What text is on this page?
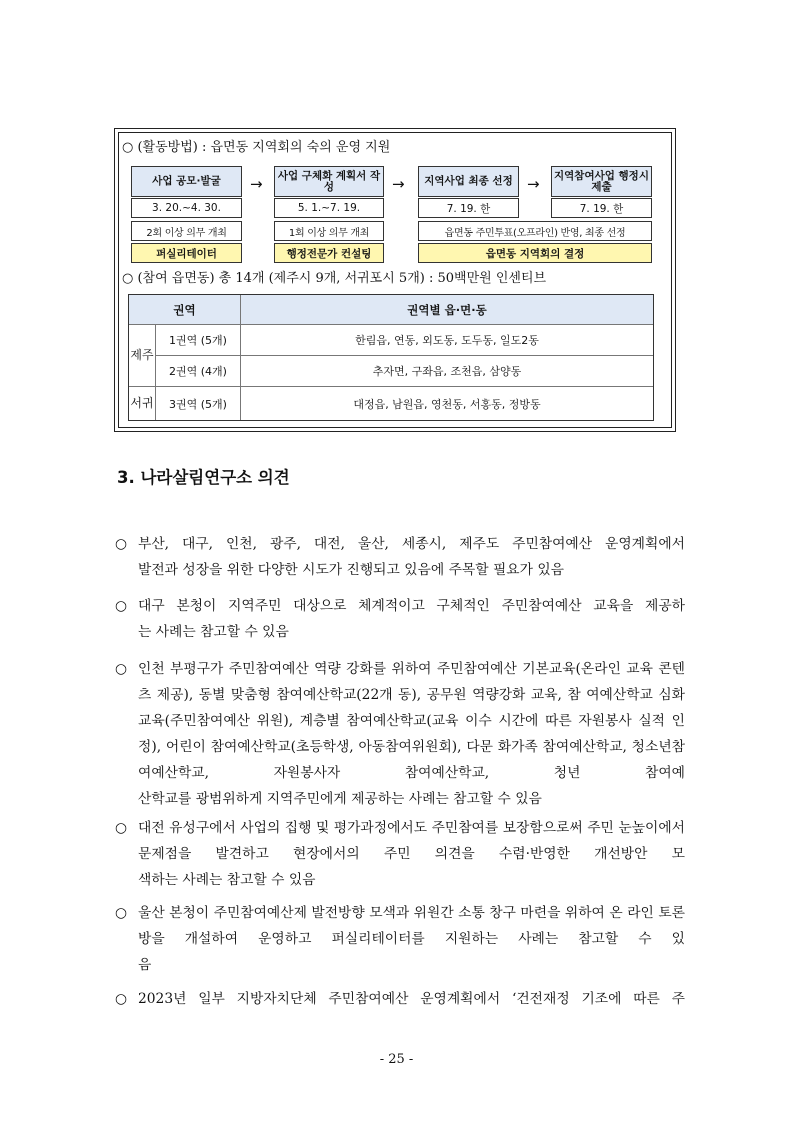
○ (활동방법) : 읍면동 지역회의 숙의 운영 지원
사업 공모·발굴	→	사업 구체화 계획서 작성	→	지역사업 최종 선정 → 지역참여사업 행정시 제출
3. 20.~4. 30.	5. 1.~7. 19.	7. 19. 한	7. 19. 한
2회 이상 의무 개최	1회 이상 의무 개최	읍면동 주민투표(오프라인) 반영, 최종 선정
퍼실리테이터	행정전문가 컨설팅	읍면동 지역회의 결정
○ (참여 읍면동) 총 14개 (제주시 9개, 서귀포시 5개) : 50백만원 인센티브
권역	권역별 읍·면·동
제주
1권역 (5개)	한림읍, 연동, 외도동, 도두동, 일도2동
2권역 (4개)	추자면, 구좌읍, 조천읍, 삼양동
서귀	3권역 (5개)	대정읍, 남원읍, 영천동, 서홍동, 정방동
3. 나라살림연구소 의견
○ 부산, 대구, 인천, 광주, 대전, 울산, 세종시, 제주도 주민참여예산 운영계획에서
발전과 성장을 위한 다양한 시도가 진행되고 있음에 주목할 필요가 있음
○ 대구 본청이 지역주민 대상으로 체계적이고 구체적인 주민참여예산 교육을 제공하
는 사례는 참고할 수 있음
○ 인천 부평구가 주민참여예산 역량 강화를 위하여 주민참여예산 기본교육(온라인 교육 콘텐츠 제공), 동별 맞춤형 참여예산학교(22개 동), 공무원 역량강화 교육, 참 여예산학교 심화교육(주민참여예산 위원), 계층별 참여예산학교(교육 이수 시간에 따른 자원봉사 실적 인정), 어린이 참여예산학교(초등학생, 아동참여위원회), 다문 화가족 참여예산학교, 청소년참여예산학교, 자원봉사자 참여예산학교, 청년 참여예
산학교를 광범위하게 지역주민에게 제공하는 사례는 참고할 수 있음
○ 대전 유성구에서 사업의 집행 및 평가과정에서도 주민참여를 보장함으로써 주민 눈높이에서 문제점을 발견하고 현장에서의 주민 의견을 수렴·반영한 개선방안 모
색하는 사례는 참고할 수 있음
○ 울산 본청이 주민참여예산제 발전방향 모색과 위원간 소통 창구 마련을 위하여 온 라인 토론방을 개설하여 운영하고 퍼실리테이터를 지원하는 사례는 참고할 수 있
음
○ 2023년 일부 지방자치단체 주민참여예산 운영계획에서 ‘건전재정 기조에 따른 주
- 25 -
